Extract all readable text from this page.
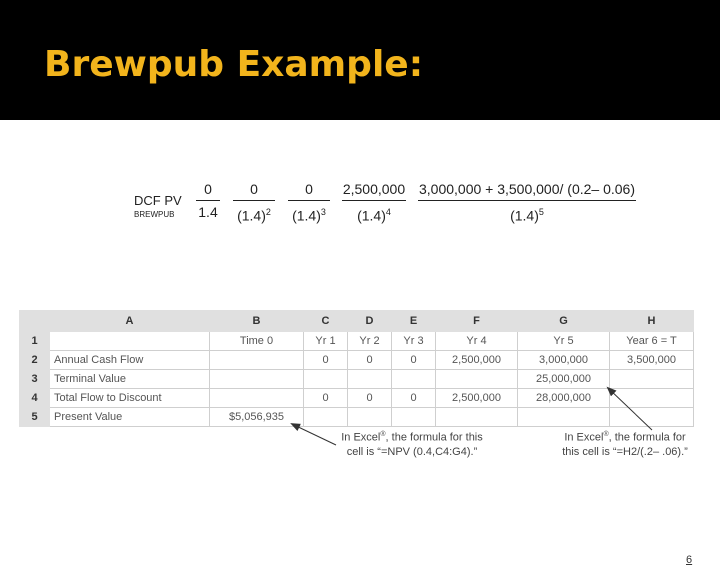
Brewpub Example:
DCF PV
BREWPUB
0
1.4
0
$(1.4)^2$
0
$(1.4)^3$
2,500,000
$(1.4)^4$
3,000,000 + 3,500,000/ (0.2– 0.06)
$(1.4)^5$
	A	B	C	D	E	F	G	H
1		Time 0	Yr 1	Yr 2	Yr 3	Yr 4	Yr 5	Year 6 = T
2	Annual Cash Flow		0	0	0	2,500,000	3,000,000	3,500,000
3	Terminal Value						25,000,000	
4	Total Flow to Discount		0	0	0	2,500,000	28,000,000	
5	Present Value	$5,056,935						
In Excel®, the formula for this
cell is “=NPV (0.4,C4:G4).”
In Excel®, the formula for
this cell is “=H2/(.2– .06).”
6
